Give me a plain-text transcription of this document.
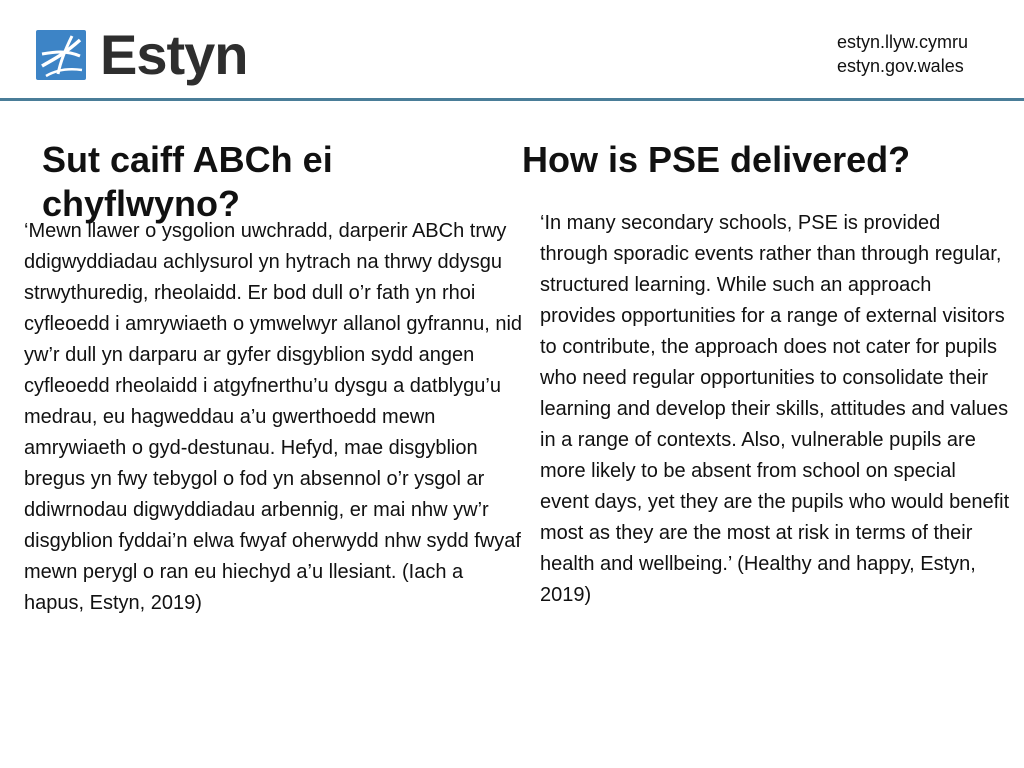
Estyn	estyn.llyw.cymru
estyn.gov.wales
Sut caiff ABCh ei chyflwyno?

‘Mewn llawer o ysgolion uwchradd, darperir ABCh trwy ddigwyddiadau achlysurol yn hytrach na thrwy ddysgu strwythuredig, rheolaidd. Er bod dull o’r fath yn rhoi cyfleoedd i amrywiaeth o ymwelwyr allanol gyfrannu, nid yw’r dull yn darparu ar gyfer disgyblion sydd angen cyfleoedd rheolaidd i atgyfnerthu’u dysgu a datblygu’u medrau, eu hagweddau a’u gwerthoedd mewn amrywiaeth o gyd-destunau. Hefyd, mae disgyblion bregus yn fwy tebygol o fod yn absennol o’r ysgol ar ddiwrnodau digwyddiadau arbennig, er mai nhw yw’r disgyblion fyddai’n elwa fwyaf oherwydd nhw sydd fwyaf mewn perygl o ran eu hiechyd a’u llesiant. (Iach a hapus, Estyn, 2019)

How is PSE delivered?

‘In many secondary schools, PSE is provided through sporadic events rather than through regular, structured learning. While such an approach provides opportunities for a range of external visitors to contribute, the approach does not cater for pupils who need regular opportunities to consolidate their learning and develop their skills, attitudes and values in a range of contexts. Also, vulnerable pupils are more likely to be absent from school on special event days, yet they are the pupils who would benefit most as they are the most at risk in terms of their health and wellbeing.’ (Healthy and happy, Estyn, 2019)
